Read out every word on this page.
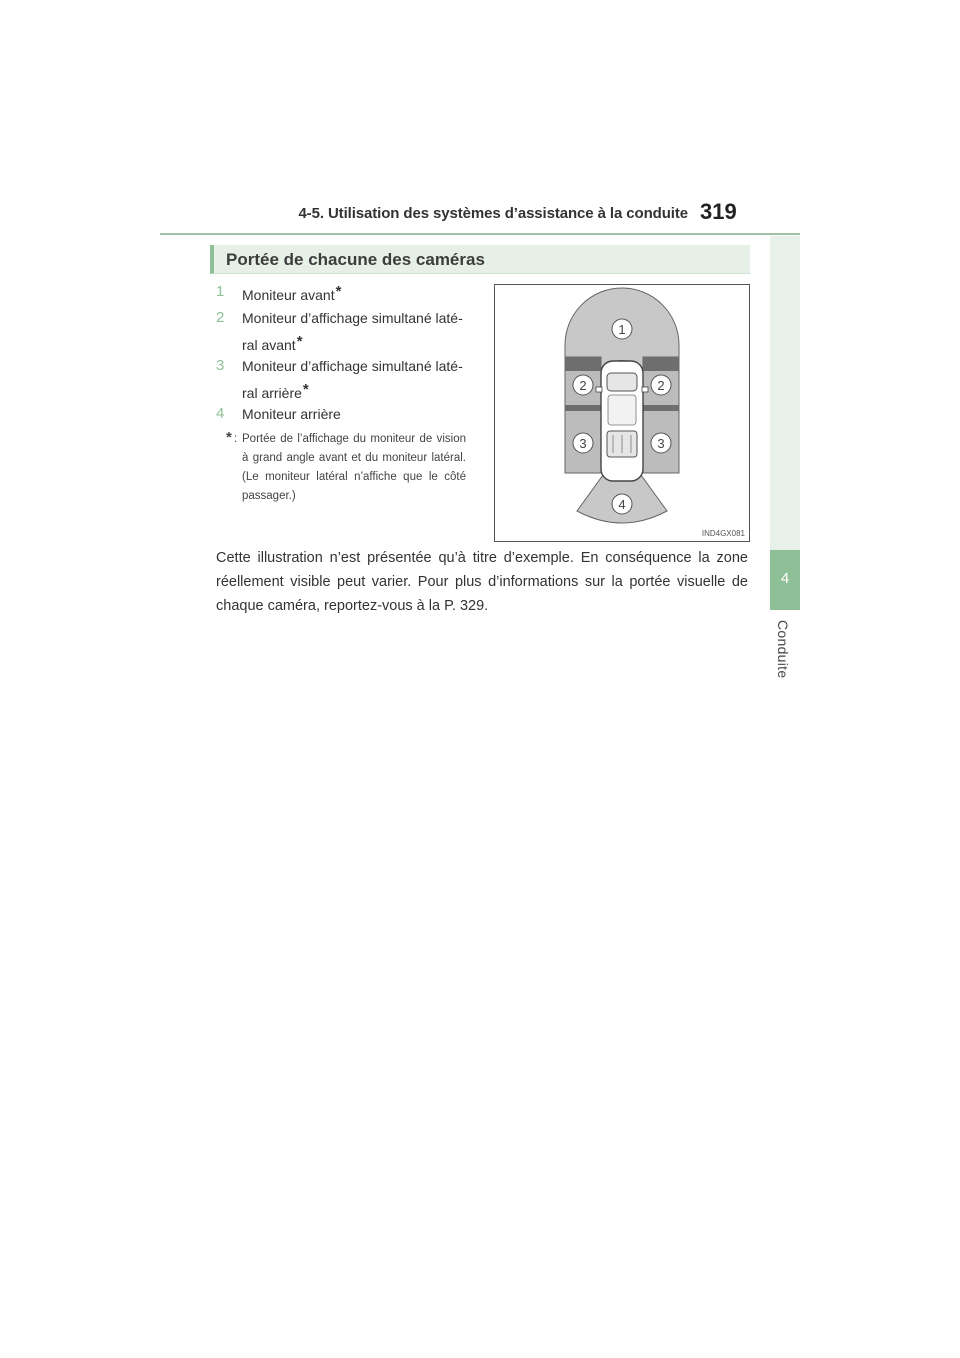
4-5. Utilisation des systèmes d’assistance à la conduite 319
4
Conduite
Portée de chacune des caméras
1 Moniteur avant*
2 Moniteur d’affichage simultané laté-
ral avant*
3 Moniteur d’affichage simultané laté-
ral arrière*
4 Moniteur arrière
* : Portée de l’affichage du moniteur de vision à grand angle avant et du moniteur latéral. (Le moniteur latéral n’affiche que le côté passager.)
1
2	2
3	3
4
IND4GX081
Cette illustration n’est présentée qu’à titre d’exemple. En conséquence la zone réellement visible peut varier. Pour plus d’informations sur la portée visuelle de chaque caméra, reportez-vous à la P. 329.
